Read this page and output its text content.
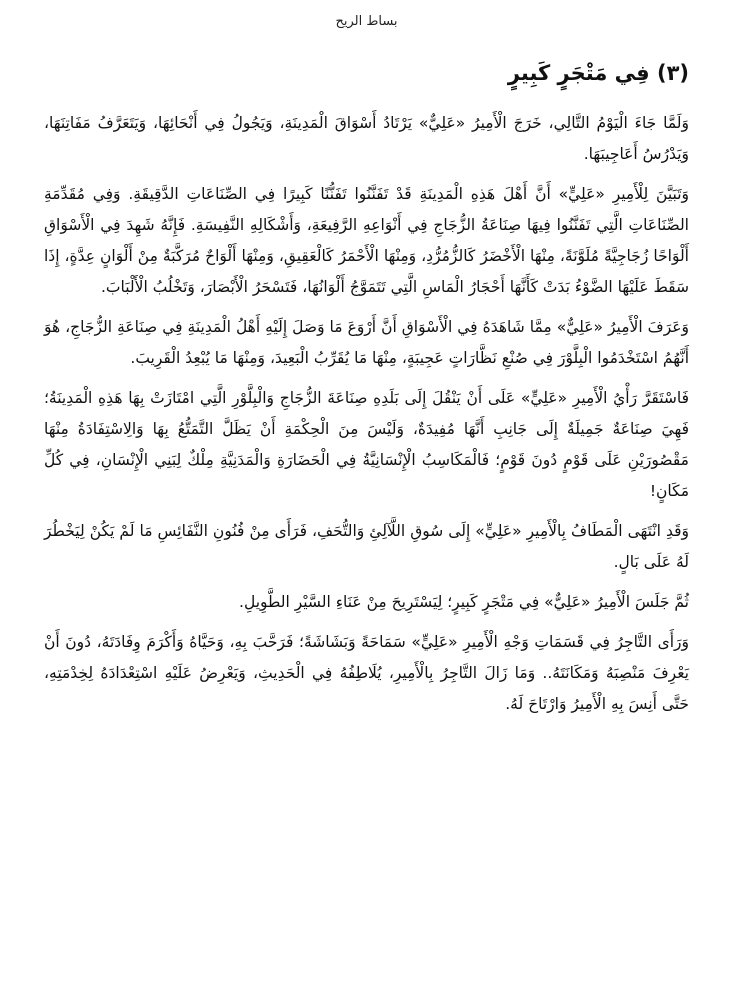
بساط الريح
(٣) فِي مَتْجَرٍ كَبِيرٍ

وَلَمَّا جَاءَ الْيَوْمُ التَّالِي، خَرَجَ الْأَمِيرُ «عَلِيٌّ» يَرْتَادُ أَسْوَاقَ الْمَدِينَةِ، وَيَجُولُ فِي أَنْحَائِهَا، وَيَتَعَرَّفُ مَفَاتِنَهَا، وَيَدْرُسُ أَعَاجِيبَهَا.

وَتَبَيَّنَ لِلْأَمِيرِ «عَلِيٍّ» أَنَّ أَهْلَ هَذِهِ الْمَدِينَةِ قَدْ تَفَنَّنُوا تَفَنُّنًا كَبِيرًا فِي الصِّنَاعَاتِ الدَّقِيقَةِ. وَفِي مُقَدِّمَةِ الصِّنَاعَاتِ الَّتِي تَفَنَّنُوا فِيهَا صِنَاعَةُ الزُّجَاجِ فِي أَنْوَاعِهِ الرَّفِيعَةِ، وَأَشْكَالِهِ النَّفِيسَةِ. فَإِنَّهُ شَهِدَ فِي الْأَسْوَاقِ أَلْوَاحًا زُجَاجِيَّةً مُلَوَّنَةً، مِنْهَا الْأَخْضَرُ كَالزُّمُرُّدِ، وَمِنْهَا الْأَحْمَرُ كَالْعَقِيقِ، وَمِنْهَا أَلْوَاحٌ مُرَكَّبَةٌ مِنْ أَلْوَانٍ عِدَّةٍ، إِذَا سَقَطَ عَلَيْهَا الضَّوْءُ بَدَتْ كَأَنَّهَا أَحْجَارُ الْمَاسِ الَّتِي تَتَمَوَّجُ أَلْوَانُهَا، فَتَسْحَرُ الْأَبْصَارَ، وَتَخْلُبُ الْأَلْبَابَ.

وَعَرَفَ الْأَمِيرُ «عَلِيٌّ» مِمَّا شَاهَدَهُ فِي الْأَسْوَاقِ أَنَّ أَرْوَعَ مَا وَصَلَ إِلَيْهِ أَهْلُ الْمَدِينَةِ فِي صِنَاعَةِ الزُّجَاجِ، هُوَ أَنَّهُمُ اسْتَخْدَمُوا الْبِلَّوْرَ فِي صُنْعِ نَظَّارَاتٍ عَجِيبَةٍ، مِنْهَا مَا يُقَرِّبُ الْبَعِيدَ، وَمِنْهَا مَا يُبْعِدُ الْقَرِيبَ.

فَاسْتَقَرَّ رَأْيُ الْأَمِيرِ «عَلِيٍّ» عَلَى أَنْ يَنْقُلَ إِلَى بَلَدِهِ صِنَاعَةَ الزُّجَاجِ وَالْبِلَّوْرِ الَّتِي امْتَازَتْ بِهَا هَذِهِ الْمَدِينَةُ؛ فَهِيَ صِنَاعَةٌ جَمِيلَةٌ إِلَى جَانِبِ أَنَّهَا مُفِيدَةٌ، وَلَيْسَ مِنَ الْحِكْمَةِ أَنْ يَظَلَّ التَّمَتُّعُ بِهَا وَالِاسْتِفَادَةُ مِنْهَا مَقْصُورَيْنِ عَلَى قَوْمٍ دُونَ قَوْمٍ؛ فَالْمَكَاسِبُ الْإِنْسَانِيَّةُ فِي الْحَضَارَةِ وَالْمَدَنِيَّةِ مِلْكٌ لِبَنِي الْإِنْسَانِ، فِي كُلِّ مَكَانٍ!

وَقَدِ انْتَهَى الْمَطَافُ بِالْأَمِيرِ «عَلِيٍّ» إِلَى سُوقِ اللَّآلِئِ وَالتُّحَفِ، فَرَأَى مِنْ فُنُونِ النَّفَائِسِ مَا لَمْ يَكُنْ لِيَخْطُرَ لَهُ عَلَى بَالٍ.

ثُمَّ جَلَسَ الْأَمِيرُ «عَلِيٌّ» فِي مَتْجَرٍ كَبِيرٍ؛ لِيَسْتَرِيحَ مِنْ عَنَاءِ السَّيْرِ الطَّوِيلِ.

وَرَأَى التَّاجِرُ فِي قَسَمَاتِ وَجْهِ الْأَمِيرِ «عَلِيٍّ» سَمَاحَةً وَبَشَاشَةً؛ فَرَحَّبَ بِهِ، وَحَيَّاهُ وَأَكْرَمَ وِفَادَتَهُ، دُونَ أَنْ يَعْرِفَ مَنْصِبَهُ وَمَكَانَتَهُ.. وَمَا زَالَ التَّاجِرُ بِالْأَمِيرِ، يُلَاطِفُهُ فِي الْحَدِيثِ، وَيَعْرِضُ عَلَيْهِ اسْتِعْدَادَهُ لِخِدْمَتِهِ، حَتَّى أَنِسَ بِهِ الْأَمِيرُ وَارْتَاحَ لَهُ.
